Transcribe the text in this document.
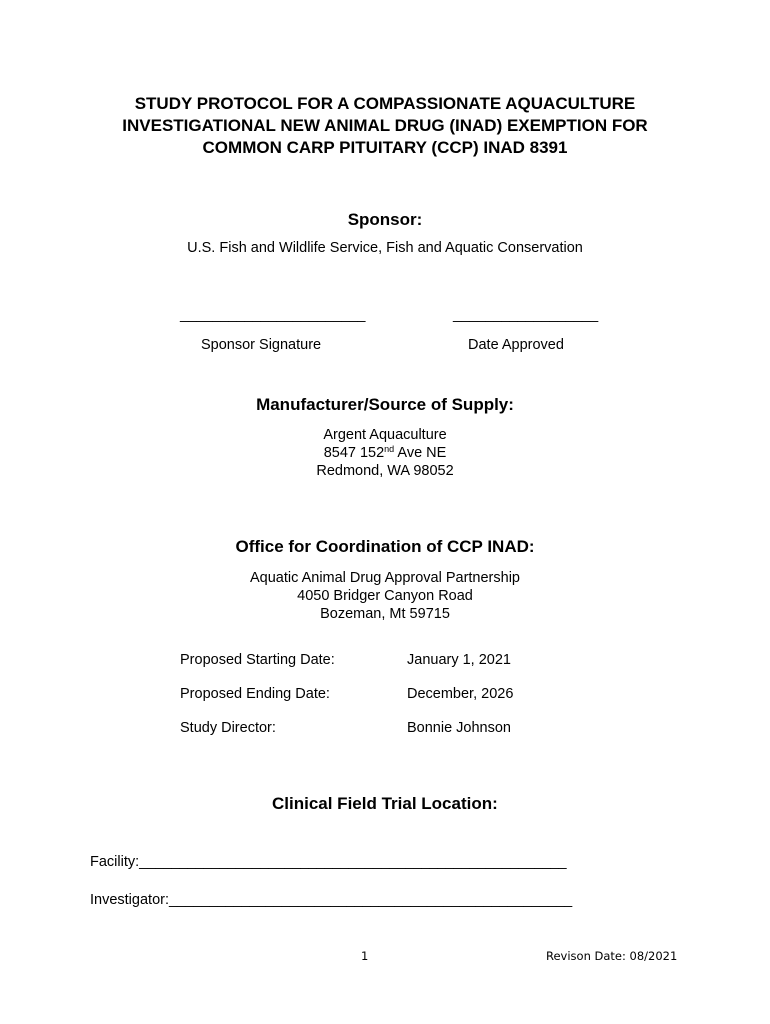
STUDY PROTOCOL FOR A COMPASSIONATE AQUACULTURE
INVESTIGATIONAL NEW ANIMAL DRUG (INAD) EXEMPTION FOR
COMMON CARP PITUITARY (CCP) INAD 8391
Sponsor:
U.S. Fish and Wildlife Service, Fish and Aquatic Conservation
_______________________	__________________
Sponsor Signature	Date Approved
Manufacturer/Source of Supply:
Argent Aquaculture
8547 152nd Ave NE
Redmond, WA 98052
Office for Coordination of CCP INAD:
Aquatic Animal Drug Approval Partnership
4050 Bridger Canyon Road
Bozeman, Mt 59715
Proposed Starting Date:	January 1, 2021
Proposed Ending Date:	December, 2026
Study Director:	Bonnie Johnson
Clinical Field Trial Location:
Facility:_____________________________________________________
Investigator:__________________________________________________
1	Revison Date: 08/2021
